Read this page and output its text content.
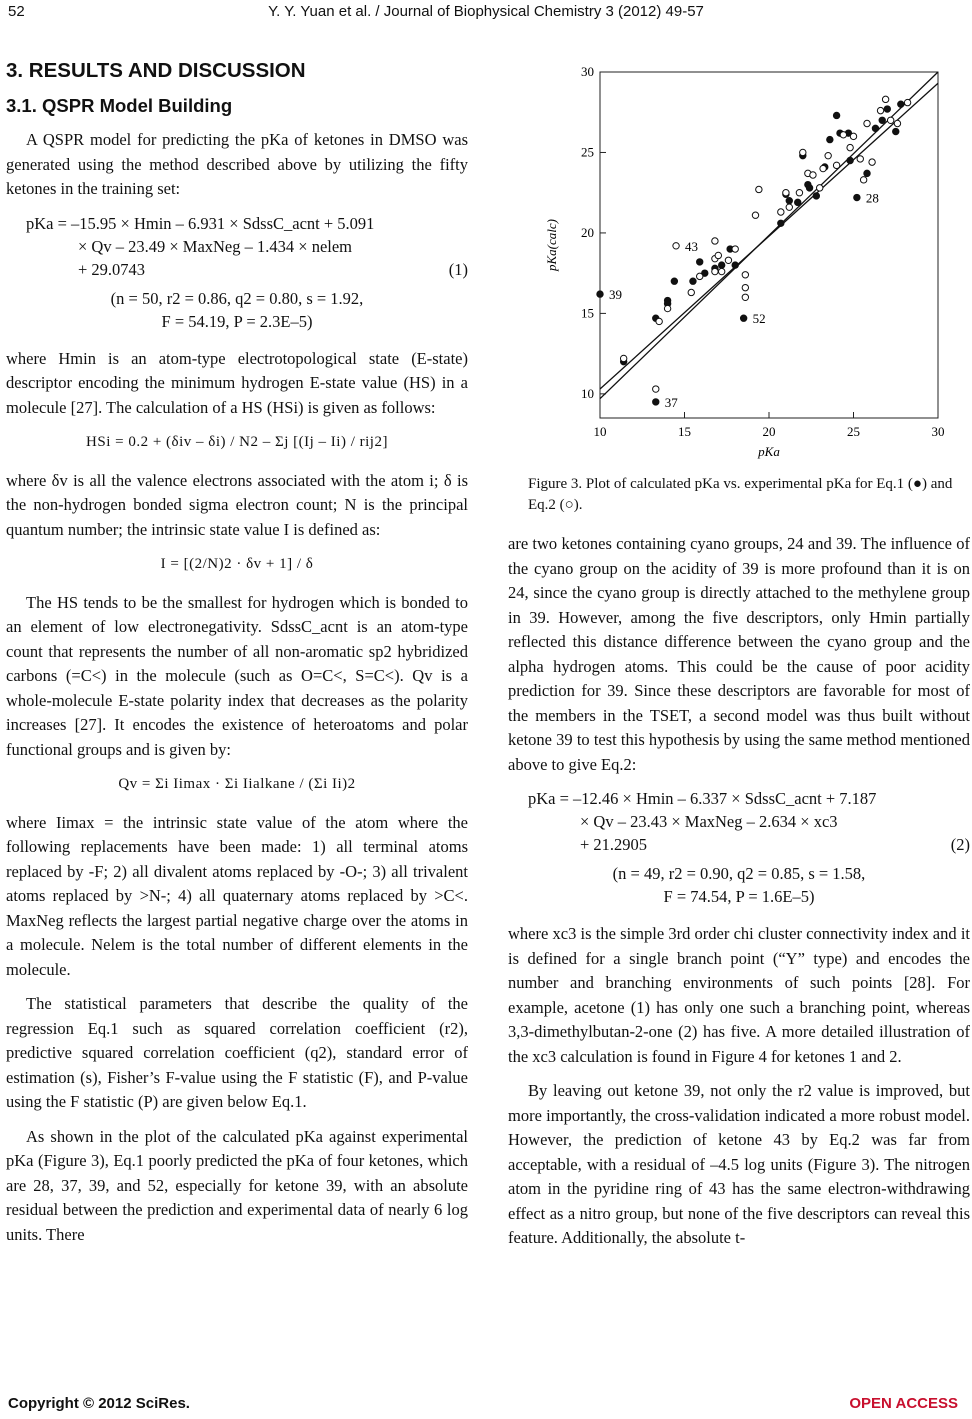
52	Y. Y. Yuan et al. / Journal of Biophysical Chemistry 3 (2012) 49-57
3. RESULTS AND DISCUSSION
3.1. QSPR Model Building

A QSPR model for predicting the pKa of ketones in DMSO was generated using the method described above by utilizing the fifty ketones in the training set:

pKa = –15.95 × Hmin – 6.931 × SdssC_acnt + 5.091
× Qv – 23.49 × MaxNeg – 1.434 × nelem
+ 29.0743	(1)
(n = 50, r2 = 0.86, q2 = 0.80, s = 1.92,
F = 54.19, P = 2.3E–5)

where Hmin is an atom-type electrotopological state (E-state) descriptor encoding the minimum hydrogen E-state value (HS) in a molecule [27]. The calculation of a HS (HSi) is given as follows:

HSi = 0.2 + (δiv – δi) / N2 – Σj [(Ij – Ii) / rij2]

where δv is all the valence electrons associated with the atom i; δ is the non-hydrogen bonded sigma electron count; N is the principal quantum number; the intrinsic state value I is defined as:

I = [(2/N)2 · δv + 1] / δ

The HS tends to be the smallest for hydrogen which is bonded to an element of low electronegativity. SdssC_acnt is an atom-type count that represents the number of all non-aromatic sp2 hybridized carbons (=C<) in the molecule (such as O=C<, S=C<). Qv is a whole-molecule E-state polarity index that decreases as the polarity increases [27]. It encodes the existence of heteroatoms and polar functional groups and is given by:

Qv = Σi Iimax · Σi Iialkane / (Σi Ii)2

where Iimax = the intrinsic state value of the atom where the following replacements have been made: 1) all terminal atoms replaced by -F; 2) all divalent atoms replaced by -O-; 3) all trivalent atoms replaced by >N-; 4) all quaternary atoms replaced by >C<. MaxNeg reflects the largest partial negative charge over the atoms in a molecule. Nelem is the total number of different elements in the molecule.

The statistical parameters that describe the quality of the regression Eq.1 such as squared correlation coefficient (r2), predictive squared correlation coefficient (q2), standard error of estimation (s), Fisher’s F-value using the F statistic (F), and P-value using the F statistic (P) are given below Eq.1.

As shown in the plot of the calculated pKa against experimental pKa (Figure 3), Eq.1 poorly predicted the pKa of four ketones, which are 28, 37, 39, and 52, especially for ketone 39, with an absolute residual between the prediction and experimental data of nearly 6 log units. There

10	15	20	25	30
10
15
20
25
30
pKa
pKa(calc)	43
39
52
37
28
Figure 3. Plot of calculated pKa vs. experimental pKa for Eq.1 (●) and Eq.2 (○).

are two ketones containing cyano groups, 24 and 39. The influence of the cyano group on the acidity of 39 is more profound than it is on 24, since the cyano group is directly attached to the methylene group in 39. However, among the five descriptors, only Hmin partially reflected this distance difference between the cyano group and the alpha hydrogen atoms. This could be the cause of poor acidity prediction for 39. Since these descriptors are favorable for most of the members in the TSET, a second model was thus built without ketone 39 to test this hypothesis by using the same method mentioned above to give Eq.2:

pKa = –12.46 × Hmin – 6.337 × SdssC_acnt + 7.187
× Qv – 23.43 × MaxNeg – 2.634 × xc3
+ 21.2905	(2)
(n = 49, r2 = 0.90, q2 = 0.85, s = 1.58,
F = 74.54, P = 1.6E–5)

where xc3 is the simple 3rd order chi cluster connectivity index and it is defined for a single branch point (“Y” type) and encodes the number and branching environments of such points [28]. For example, acetone (1) has only one such a branching point, whereas 3,3-dimethylbutan-2-one (2) has five. A more detailed illustration of the xc3 calculation is found in Figure 4 for ketones 1 and 2.

By leaving out ketone 39, not only the r2 value is improved, but more importantly, the cross-validation indicated a more robust model. However, the prediction of ketone 43 by Eq.2 was far from acceptable, with a residual of –4.5 log units (Figure 3). The nitrogen atom in the pyridine ring of 43 has the same electron-withdrawing effect as a nitro group, but none of the five descriptors can reveal this feature. Additionally, the absolute t-

Copyright © 2012 SciRes.	OPEN ACCESS
